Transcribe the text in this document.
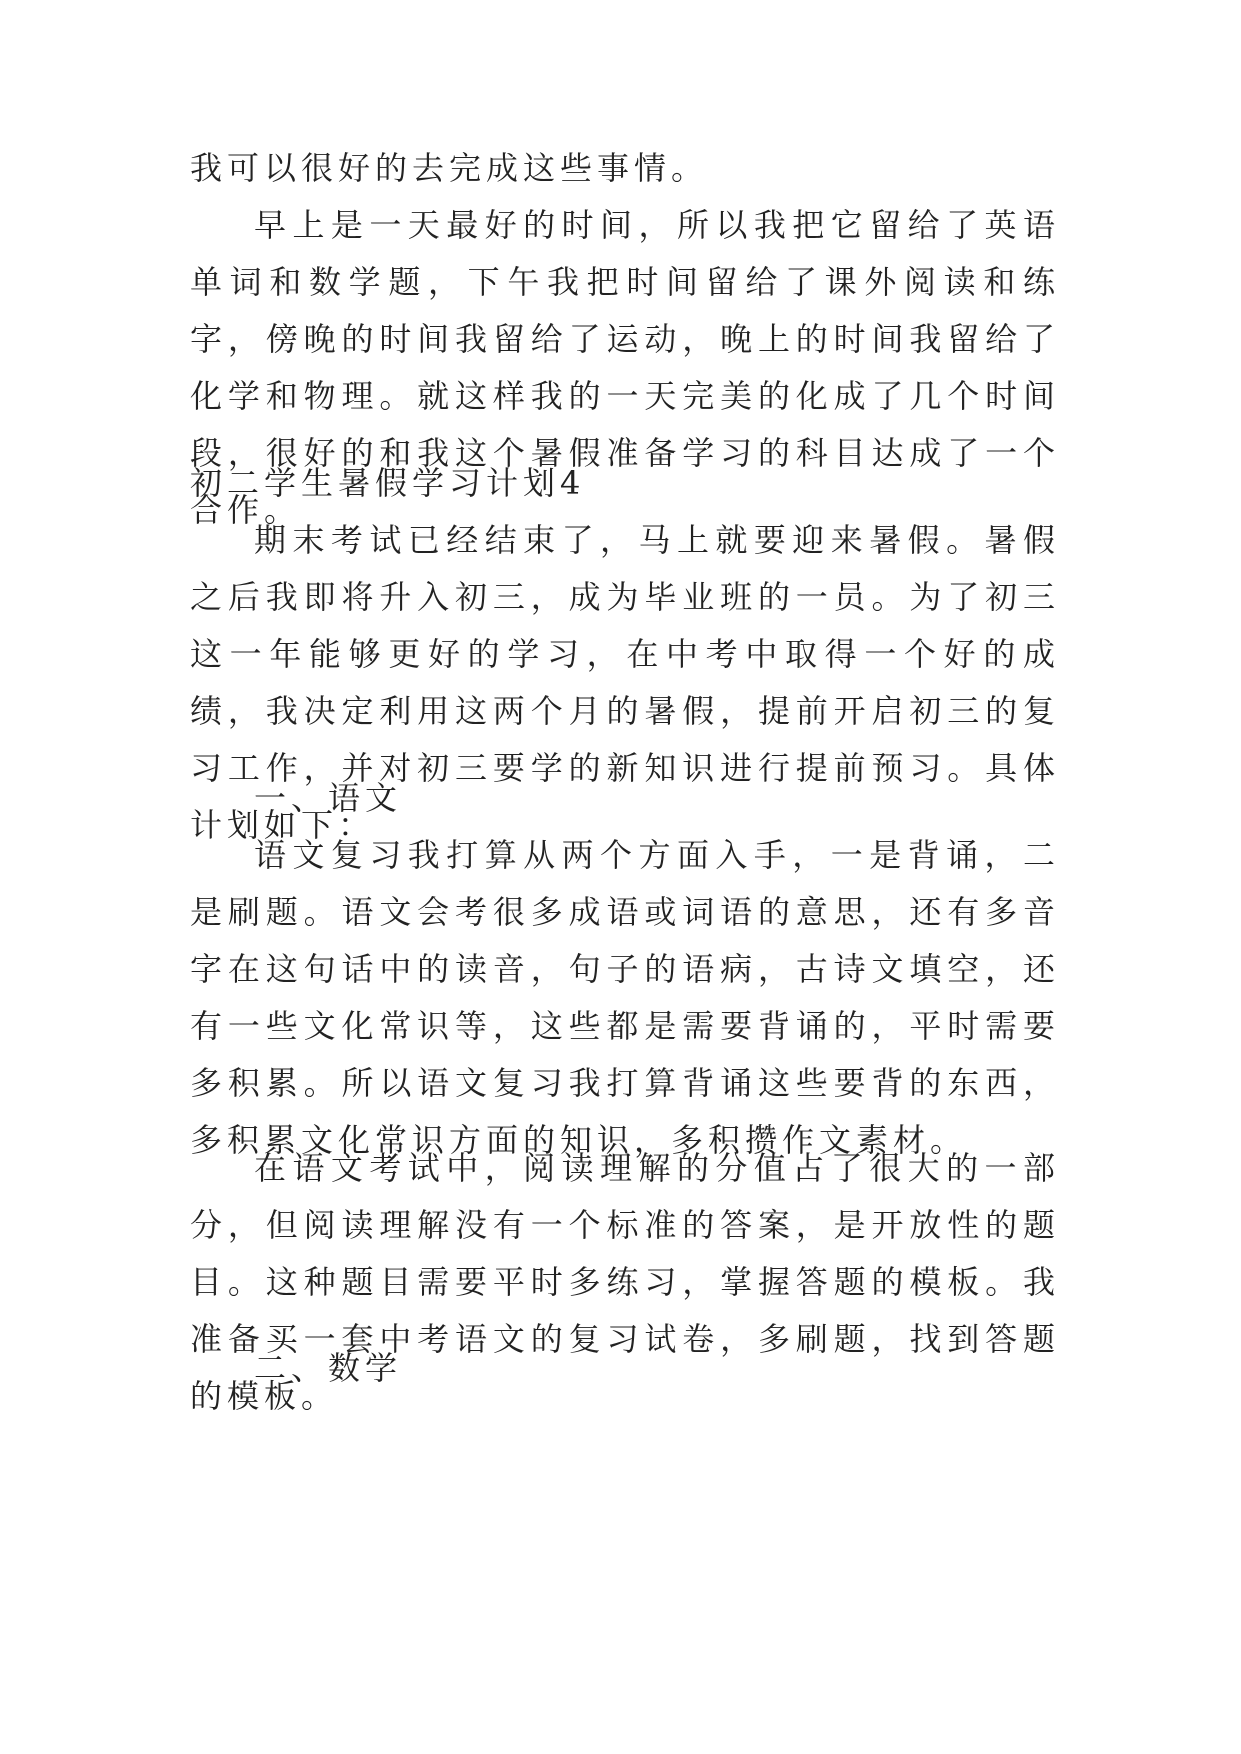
我可以很好的去完成这些事情。
早上是一天最好的时间，所以我把它留给了英语单词和数学题，下午我把时间留给了课外阅读和练字，傍晚的时间我留给了运动，晚上的时间我留给了化学和物理。就这样我的一天完美的化成了几个时间段，很好的和我这个暑假准备学习的科目达成了一个合作。
初二学生暑假学习计划4
期末考试已经结束了，马上就要迎来暑假。暑假之后我即将升入初三，成为毕业班的一员。为了初三这一年能够更好的学习，在中考中取得一个好的成绩，我决定利用这两个月的暑假，提前开启初三的复习工作，并对初三要学的新知识进行提前预习。具体计划如下：
一、语文
语文复习我打算从两个方面入手，一是背诵，二是刷题。语文会考很多成语或词语的意思，还有多音字在这句话中的读音，句子的语病，古诗文填空，还有一些文化常识等，这些都是需要背诵的，平时需要多积累。所以语文复习我打算背诵这些要背的东西，多积累文化常识方面的知识，多积攒作文素材。
在语文考试中，阅读理解的分值占了很大的一部分，但阅读理解没有一个标准的答案，是开放性的题目。这种题目需要平时多练习，掌握答题的模板。我准备买一套中考语文的复习试卷，多刷题，找到答题的模板。
二、数学
